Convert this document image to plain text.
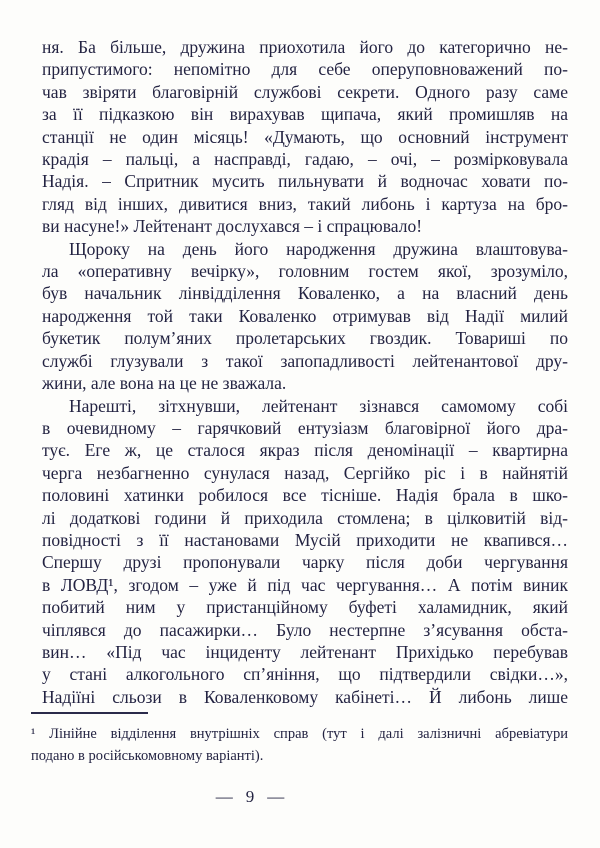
ня. Ба більше, дружина приохотила його до категорично не-
припустимого: непомітно для себе оперуповноважений по-
чав звіряти благовірній службові секрети. Одного разу саме
за її підказкою він вирахував щипача, який промишляв на
станції не один місяць! «Думають, що основний інструмент
крадія – пальці, а насправді, гадаю, – очі, – розмірковувала
Надія. – Спритник мусить пильнувати й водночас ховати по-
гляд від інших, дивитися вниз, такий либонь і картуза на бро-
ви насуне!» Лейтенант дослухався – і спрацювало!
Щороку на день його народження дружина влаштовува-
ла «оперативну вечірку», головним гостем якої, зрозуміло,
був начальник лінвідділення Коваленко, а на власний день
народження той таки Коваленко отримував від Надії милий
букетик полум’яних пролетарських гвоздик. Товариші по
службі глузували з такої запопадливості лейтенантової дру-
жини, але вона на це не зважала.
Нарешті, зітхнувши, лейтенант зізнався самомому собі
в очевидному – гарячковий ентузіазм благовірної його дра-
тує. Еге ж, це сталося якраз після деномінації – квартирна
черга незбагненно сунулася назад, Сергійко ріс і в найнятій
половині хатинки робилося все тісніше. Надія брала в шко-
лі додаткові години й приходила стомлена; в цілковитій від-
повідності з її настановами Мусій приходити не квапився…
Спершу друзі пропонували чарку після доби чергування
в ЛОВД¹, згодом – уже й під час чергування… А потім виник
побитий ним у пристанційному буфеті халамидник, який
чіплявся до пасажирки… Було нестерпне з’ясування обста-
вин… «Під час інциденту лейтенант Прихідько перебував
у стані алкогольного сп’яніння, що підтвердили свідки…»,
Надіїні сльози в Коваленковому кабінеті… Й либонь лише
¹ Лінійне відділення внутрішніх справ (тут і далі залізничні абревіатури
подано в російськомовному варіанті).
— 9 —
